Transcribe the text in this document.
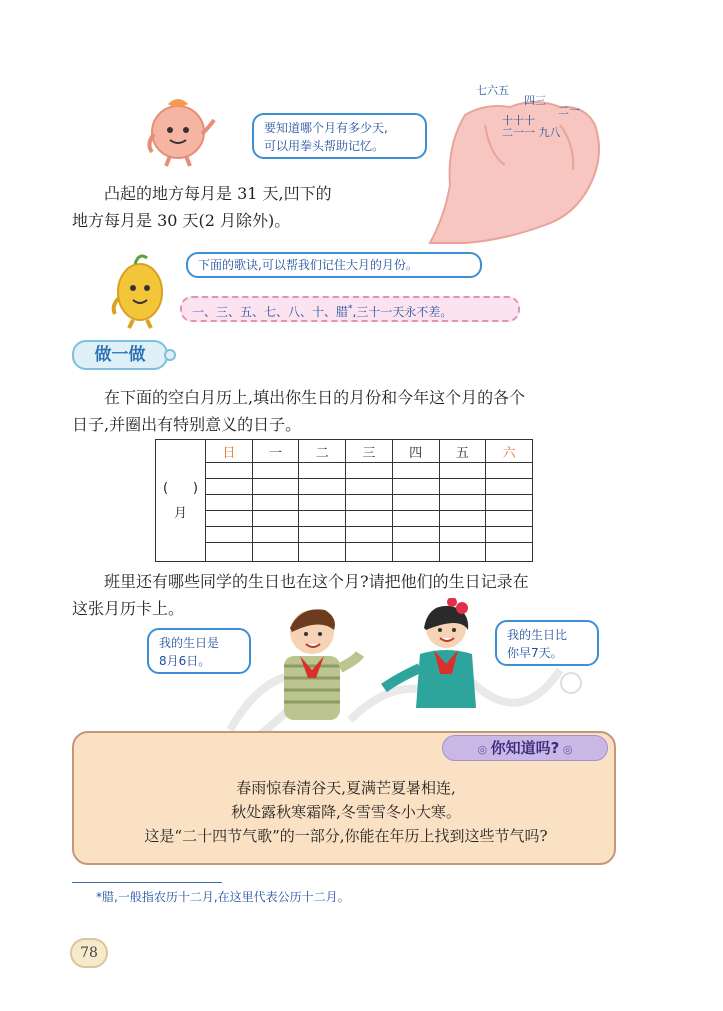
七六五
四三
二一
十十十
二一一 九八
要知道哪个月有多少天,
可以用拳头帮助记忆。
凸起的地方每月是 31 天,凹下的
地方每月是 30 天(2 月除外)。
下面的歌诀,可以帮我们记住大月的月份。
一、三、五、七、八、十、腊*,三十一天永不差。
做一做
在下面的空白月历上,填出你生日的月份和今年这个月的各个
日子,并圈出有特别意义的日子。
(      )
月	日	一	二	三	四	五	六

班里还有哪些同学的生日也在这个月?请把他们的生日记录在
这张月历卡上。
我的生日是
8月6日。
我的生日比
你早7天。
◎ 你知道吗? ◎
春雨惊春清谷天,夏满芒夏暑相连,
秋处露秋寒霜降,冬雪雪冬小大寒。
这是“二十四节气歌”的一部分,你能在年历上找到这些节气吗?
*腊,一般指农历十二月,在这里代表公历十二月。
78
